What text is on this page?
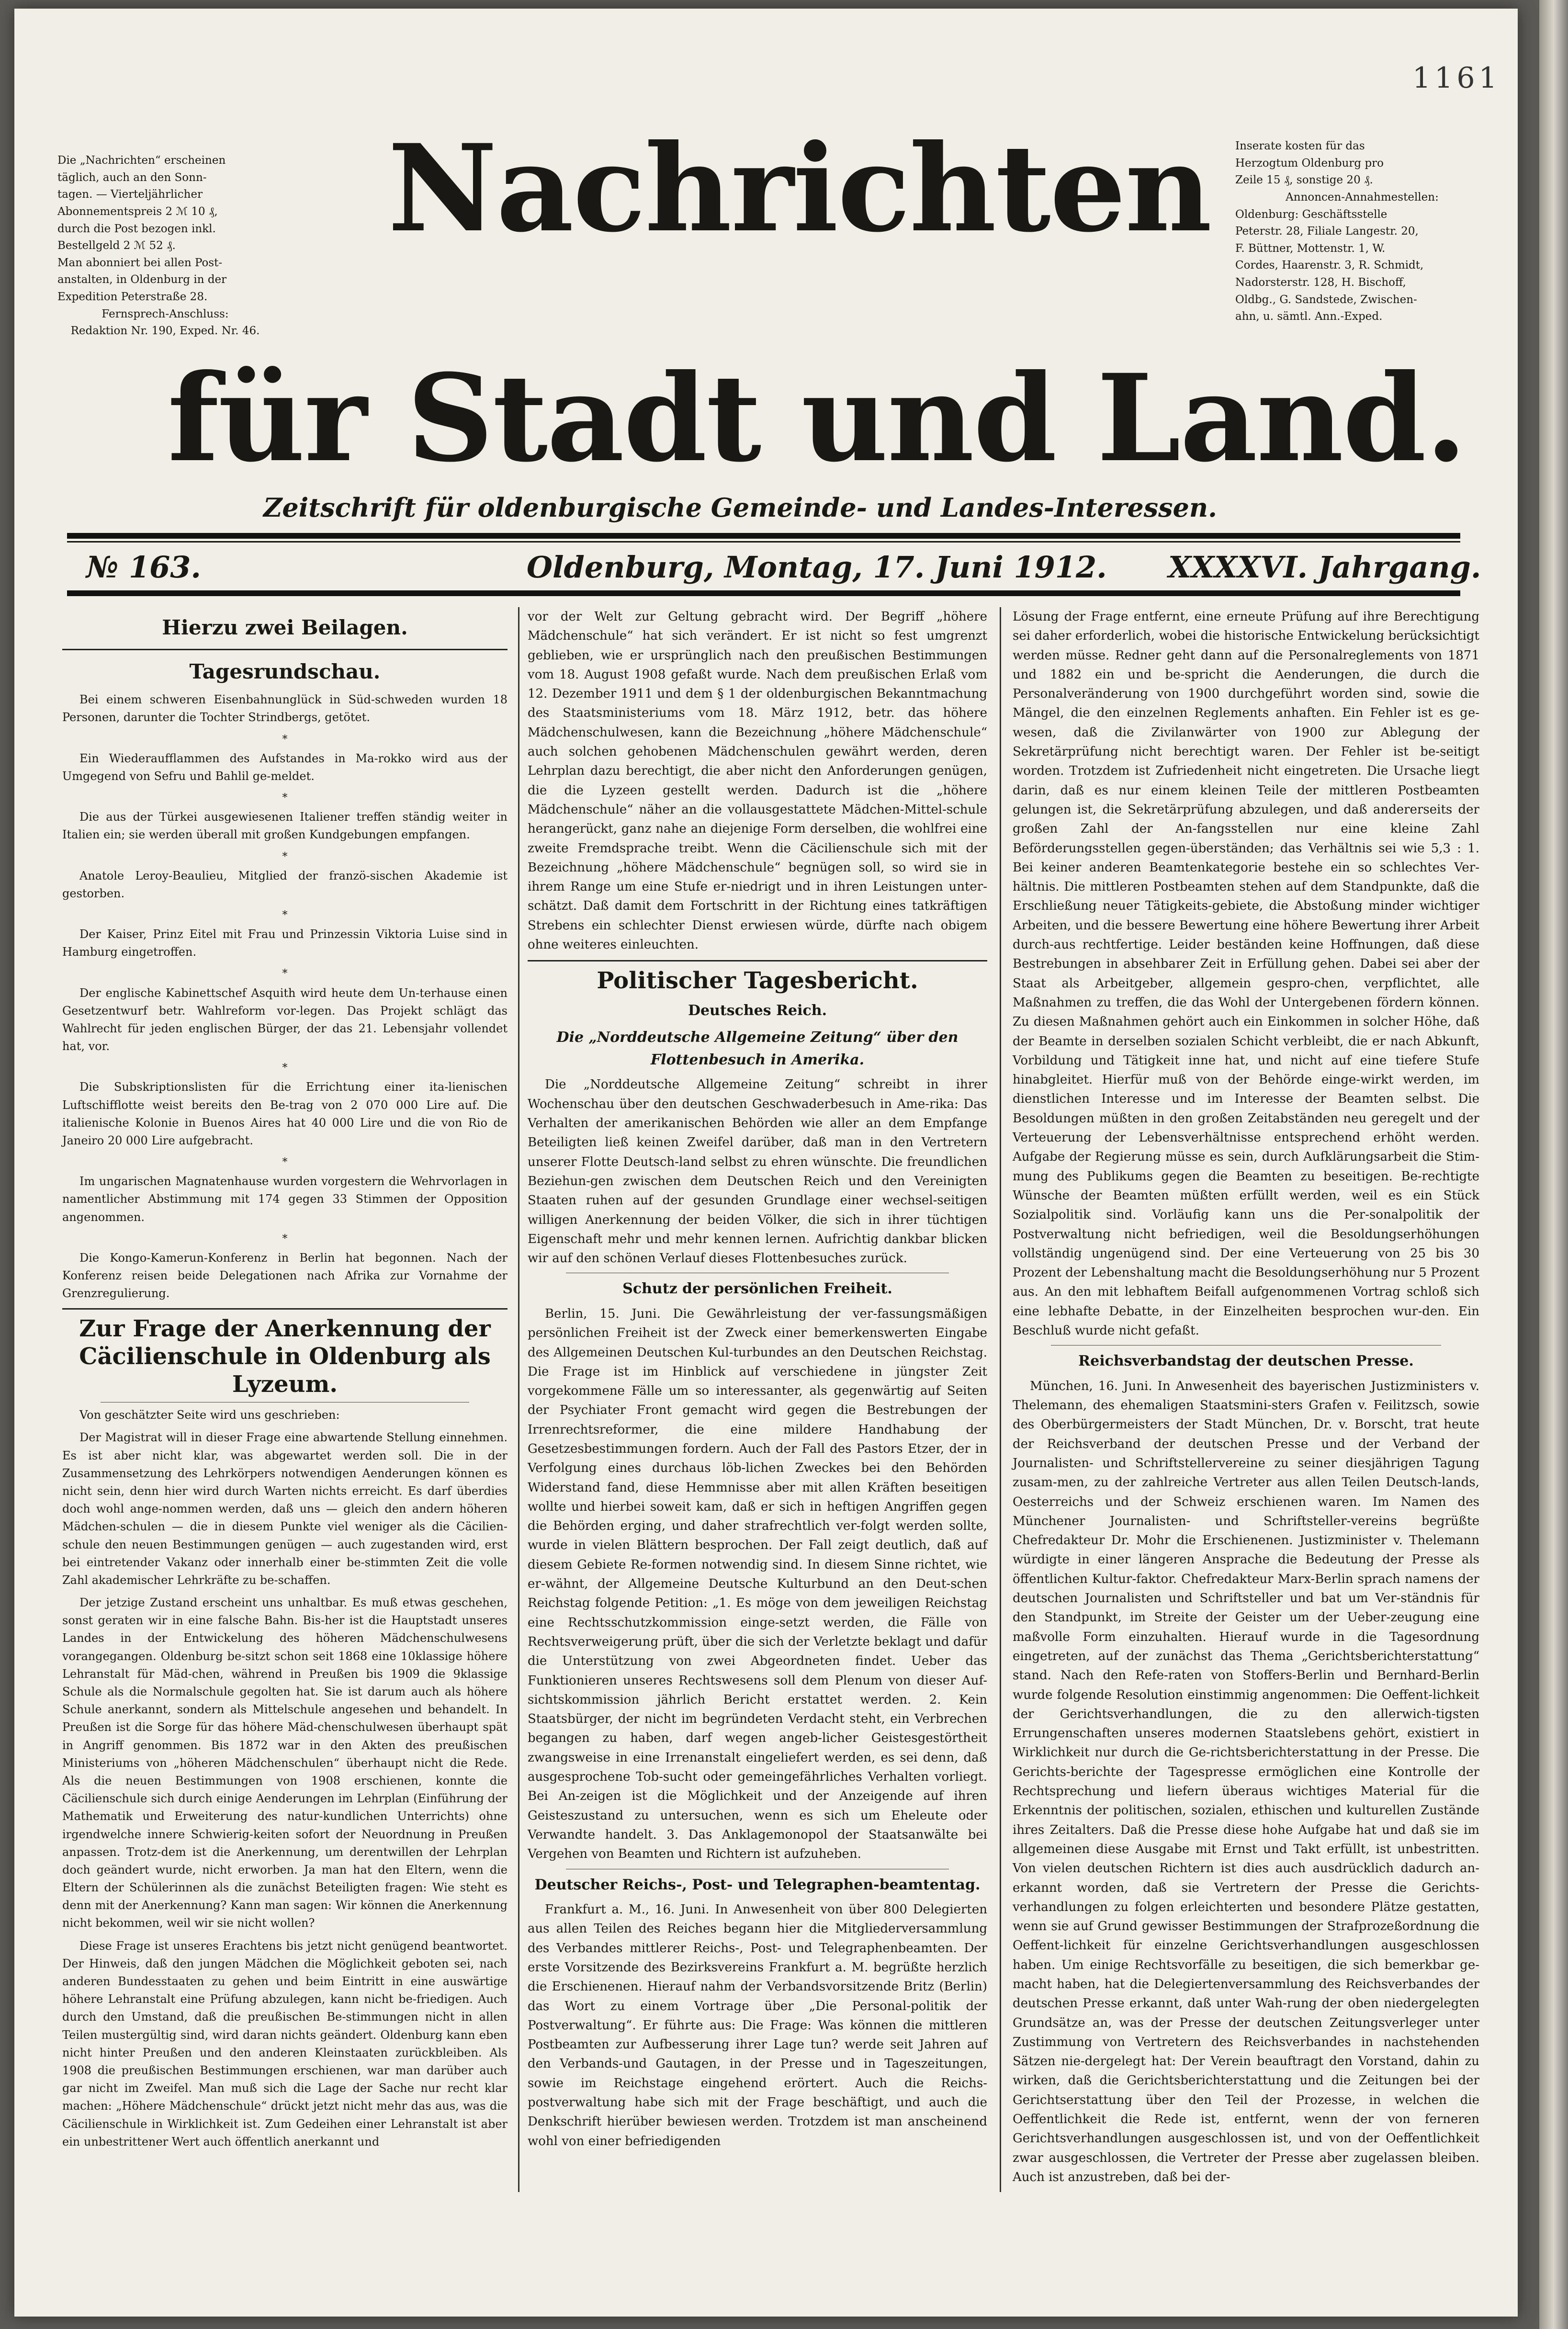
1161
Die „Nachrichten“ erscheinen
täglich, auch an den Sonn-
tagen. — Vierteljährlicher
Abonnementspreis 2 ℳ 10 ₰,
durch die Post bezogen inkl.
Bestellgeld 2 ℳ 52 ₰.
Man abonniert bei allen Post-
anstalten, in Oldenburg in der
Expedition Peterstraße 28.
Fernsprech-Anschluss:
Redaktion Nr. 190, Exped. Nr. 46.
Inserate kosten für das
Herzogtum Oldenburg pro
Zeile 15 ₰, sonstige 20 ₰.
Annoncen-Annahmestellen:
Oldenburg: Geschäftsstelle
Peterstr. 28, Filiale Langestr. 20,
F. Büttner, Mottenstr. 1, W.
Cordes, Haarenstr. 3, R. Schmidt,
Nadorsterstr. 128, H. Bischoff,
Oldbg., G. Sandstede, Zwischen-
ahn, u. sämtl. Ann.-Exped.
Nachrichten
für Stadt und Land.
Zeitschrift für oldenburgische Gemeinde- und Landes-Interessen.
№ 163.	Oldenburg, Montag, 17. Juni 1912. XXXXVI. Jahrgang.
Hierzu zwei Beilagen.
Tagesrundschau.

Bei einem schweren Eisenbahnunglück in Süd-schweden wurden 18 Personen, darunter die Tochter Strindbergs, getötet.

*

Ein Wiederaufflammen des Aufstandes in Ma-rokko wird aus der Umgegend von Sefru und Bahlil ge-meldet.

*

Die aus der Türkei ausgewiesenen Italiener treffen ständig weiter in Italien ein; sie werden überall mit großen Kundgebungen empfangen.

*

Anatole Leroy-Beaulieu, Mitglied der franzö-sischen Akademie ist gestorben.

*

Der Kaiser, Prinz Eitel mit Frau und Prinzessin Viktoria Luise sind in Hamburg eingetroffen.

*

Der englische Kabinettschef Asquith wird heute dem Un-terhause einen Gesetzentwurf betr. Wahlreform vor-legen. Das Projekt schlägt das Wahlrecht für jeden englischen Bürger, der das 21. Lebensjahr vollendet hat, vor.

*

Die Subskriptionslisten für die Errichtung einer ita-lienischen Luftschifflotte weist bereits den Be-trag von 2 070 000 Lire auf. Die italienische Kolonie in Buenos Aires hat 40 000 Lire und die von Rio de Janeiro 20 000 Lire aufgebracht.

*

Im ungarischen Magnatenhause wurden vorgestern die Wehrvorlagen in namentlicher Abstimmung mit 174 gegen 33 Stimmen der Opposition angenommen.

*

Die Kongo-Kamerun-Konferenz in Berlin hat begonnen. Nach der Konferenz reisen beide Delegationen nach Afrika zur Vornahme der Grenzregulierung.

Zur Frage der Anerkennung der Cäcilienschule in Oldenburg als Lyzeum.

Von geschätzter Seite wird uns geschrieben:

Der Magistrat will in dieser Frage eine abwartende Stellung einnehmen. Es ist aber nicht klar, was abgewartet werden soll. Die in der Zusammensetzung des Lehrkörpers notwendigen Aenderungen können es nicht sein, denn hier wird durch Warten nichts erreicht. Es darf überdies doch wohl ange-nommen werden, daß uns — gleich den andern höheren Mädchen-schulen — die in diesem Punkte viel weniger als die Cäcilien-schule den neuen Bestimmungen genügen — auch zugestanden wird, erst bei eintretender Vakanz oder innerhalb einer be-stimmten Zeit die volle Zahl akademischer Lehrkräfte zu be-schaffen.

Der jetzige Zustand erscheint uns unhaltbar. Es muß etwas geschehen, sonst geraten wir in eine falsche Bahn. Bis-her ist die Hauptstadt unseres Landes in der Entwickelung des höheren Mädchenschulwesens vorangegangen. Oldenburg be-sitzt schon seit 1868 eine 10klassige höhere Lehranstalt für Mäd-chen, während in Preußen bis 1909 die 9klassige Schule als die Normalschule gegolten hat. Sie ist darum auch als höhere Schule anerkannt, sondern als Mittelschule angesehen und behandelt. In Preußen ist die Sorge für das höhere Mäd-chenschulwesen überhaupt spät in Angriff genommen. Bis 1872 war in den Akten des preußischen Ministeriums von „höheren Mädchenschulen“ überhaupt nicht die Rede. Als die neuen Bestimmungen von 1908 erschienen, konnte die Cäcilienschule sich durch einige Aenderungen im Lehrplan (Einführung der Mathematik und Erweiterung des natur-kundlichen Unterrichts) ohne irgendwelche innere Schwierig-keiten sofort der Neuordnung in Preußen anpassen. Trotz-dem ist die Anerkennung, um derentwillen der Lehrplan doch geändert wurde, nicht erworben. Ja man hat den Eltern, wenn die Eltern der Schülerinnen als die zunächst Beteiligten fragen: Wie steht es denn mit der Anerkennung? Kann man sagen: Wir können die Anerkennung nicht bekommen, weil wir sie nicht wollen?

Diese Frage ist unseres Erachtens bis jetzt nicht genügend beantwortet. Der Hinweis, daß den jungen Mädchen die Möglichkeit geboten sei, nach anderen Bundesstaaten zu gehen und beim Eintritt in eine auswärtige höhere Lehranstalt eine Prüfung abzulegen, kann nicht be-friedigen. Auch durch den Umstand, daß die preußischen Be-stimmungen nicht in allen Teilen mustergültig sind, wird daran nichts geändert. Oldenburg kann eben nicht hinter Preußen und den anderen Kleinstaaten zurückbleiben. Als 1908 die preußischen Bestimmungen erschienen, war man darüber auch gar nicht im Zweifel. Man muß sich die Lage der Sache nur recht klar machen: „Höhere Mädchenschule“ drückt jetzt nicht mehr das aus, was die Cäcilienschule in Wirklichkeit ist. Zum Gedeihen einer Lehranstalt ist aber ein unbestrittener Wert auch öffentlich anerkannt und

vor der Welt zur Geltung gebracht wird. Der Begriff „höhere Mädchenschule“ hat sich verändert. Er ist nicht so fest umgrenzt geblieben, wie er ursprünglich nach den preußischen Bestimmungen vom 18. August 1908 gefaßt wurde. Nach dem preußischen Erlaß vom 12. Dezember 1911 und dem § 1 der oldenburgischen Bekanntmachung des Staatsministeriums vom 18. März 1912, betr. das höhere Mädchenschulwesen, kann die Bezeichnung „höhere Mädchenschule“ auch solchen gehobenen Mädchenschulen gewährt werden, deren Lehrplan dazu berechtigt, die aber nicht den Anforderungen genügen, die die Lyzeen gestellt werden. Dadurch ist die „höhere Mädchenschule“ näher an die vollausgestattete Mädchen-Mittel-schule herangerückt, ganz nahe an diejenige Form derselben, die wohlfrei eine zweite Fremdsprache treibt. Wenn die Cäcilienschule sich mit der Bezeichnung „höhere Mädchenschule“ begnügen soll, so wird sie in ihrem Range um eine Stufe er-niedrigt und in ihren Leistungen unter-schätzt. Daß damit dem Fortschritt in der Richtung eines tatkräftigen Strebens ein schlechter Dienst erwiesen würde, dürfte nach obigem ohne weiteres einleuchten.

Politischer Tagesbericht.
Deutsches Reich.
Die „Norddeutsche Allgemeine Zeitung“ über den Flottenbesuch in Amerika.

Die „Norddeutsche Allgemeine Zeitung“ schreibt in ihrer Wochenschau über den deutschen Geschwaderbesuch in Ame-rika: Das Verhalten der amerikanischen Behörden wie aller an dem Empfange Beteiligten ließ keinen Zweifel darüber, daß man in den Vertretern unserer Flotte Deutsch-land selbst zu ehren wünschte. Die freundlichen Beziehun-gen zwischen dem Deutschen Reich und den Vereinigten Staaten ruhen auf der gesunden Grundlage einer wechsel-seitigen willigen Anerkennung der beiden Völker, die sich in ihrer tüchtigen Eigenschaft mehr und mehr kennen lernen. Aufrichtig dankbar blicken wir auf den schönen Verlauf dieses Flottenbesuches zurück.

Schutz der persönlichen Freiheit.

Berlin, 15. Juni. Die Gewährleistung der ver-fassungsmäßigen persönlichen Freiheit ist der Zweck einer bemerkenswerten Eingabe des Allgemeinen Deutschen Kul-turbundes an den Deutschen Reichstag. Die Frage ist im Hinblick auf verschiedene in jüngster Zeit vorgekommene Fälle um so interessanter, als gegenwärtig auf Seiten der Psychiater Front gemacht wird gegen die Bestrebungen der Irrenrechtsreformer, die eine mildere Handhabung der Gesetzesbestimmungen fordern. Auch der Fall des Pastors Etzer, der in Verfolgung eines durchaus löb-lichen Zweckes bei den Behörden Widerstand fand, diese Hemmnisse aber mit allen Kräften beseitigen wollte und hierbei soweit kam, daß er sich in heftigen Angriffen gegen die Behörden erging, und daher strafrechtlich ver-folgt werden sollte, wurde in vielen Blättern besprochen. Der Fall zeigt deutlich, daß auf diesem Gebiete Re-formen notwendig sind. In diesem Sinne richtet, wie er-wähnt, der Allgemeine Deutsche Kulturbund an den Deut-schen Reichstag folgende Petition: „1. Es möge von dem jeweiligen Reichstag eine Rechtsschutzkommission einge-setzt werden, die Fälle von Rechtsverweigerung prüft, über die sich der Verletzte beklagt und dafür die Unterstützung von zwei Abgeordneten findet. Ueber das Funktionieren unseres Rechtswesens soll dem Plenum von dieser Auf-sichtskommission jährlich Bericht erstattet werden. 2. Kein Staatsbürger, der nicht im begründeten Verdacht steht, ein Verbrechen begangen zu haben, darf wegen angeb-licher Geistesgestörtheit zwangsweise in eine Irrenanstalt eingeliefert werden, es sei denn, daß ausgesprochene Tob-sucht oder gemeingefährliches Verhalten vorliegt. Bei An-zeigen ist die Möglichkeit und der Anzeigende auf ihren Geisteszustand zu untersuchen, wenn es sich um Eheleute oder Verwandte handelt. 3. Das Anklagemonopol der Staatsanwälte bei Vergehen von Beamten und Richtern ist aufzuheben.

Deutscher Reichs-, Post- und Telegraphen-beamtentag.

Frankfurt a. M., 16. Juni. In Anwesenheit von über 800 Delegierten aus allen Teilen des Reiches begann hier die Mitgliederversammlung des Verbandes mittlerer Reichs-, Post- und Telegraphenbeamten. Der erste Vorsitzende des Bezirksvereins Frankfurt a. M. begrüßte herzlich die Erschienenen. Hierauf nahm der Verbandsvorsitzende Britz (Berlin) das Wort zu einem Vortrage über „Die Personal-politik der Postverwaltung“. Er führte aus: Die Frage: Was können die mittleren Postbeamten zur Aufbesserung ihrer Lage tun? werde seit Jahren auf den Verbands-und Gautagen, in der Presse und in Tageszeitungen, sowie im Reichstage eingehend erörtert. Auch die Reichs-postverwaltung habe sich mit der Frage beschäftigt, und auch die Denkschrift hierüber bewiesen werden. Trotzdem ist man anscheinend wohl von einer befriedigenden

Lösung der Frage entfernt, eine erneute Prüfung auf ihre Berechtigung sei daher erforderlich, wobei die historische Entwickelung berücksichtigt werden müsse. Redner geht dann auf die Personalreglements von 1871 und 1882 ein und be-spricht die Aenderungen, die durch die Personalveränderung von 1900 durchgeführt worden sind, sowie die Mängel, die den einzelnen Reglements anhaften. Ein Fehler ist es ge-wesen, daß die Zivilanwärter von 1900 zur Ablegung der Sekretärprüfung nicht berechtigt waren. Der Fehler ist be-seitigt worden. Trotzdem ist Zufriedenheit nicht eingetreten. Die Ursache liegt darin, daß es nur einem kleinen Teile der mittleren Postbeamten gelungen ist, die Sekretärprüfung abzulegen, und daß andererseits der großen Zahl der An-fangsstellen nur eine kleine Zahl Beförderungsstellen gegen-überständen; das Verhältnis sei wie 5,3 : 1. Bei keiner anderen Beamtenkategorie bestehe ein so schlechtes Ver-hältnis. Die mittleren Postbeamten stehen auf dem Standpunkte, daß die Erschließung neuer Tätigkeits-gebiete, die Abstoßung minder wichtiger Arbeiten, und die bessere Bewertung eine höhere Bewertung ihrer Arbeit durch-aus rechtfertige. Leider beständen keine Hoffnungen, daß diese Bestrebungen in absehbarer Zeit in Erfüllung gehen. Dabei sei aber der Staat als Arbeitgeber, allgemein gespro-chen, verpflichtet, alle Maßnahmen zu treffen, die das Wohl der Untergebenen fördern können. Zu diesen Maßnahmen gehört auch ein Einkommen in solcher Höhe, daß der Beamte in derselben sozialen Schicht verbleibt, die er nach Abkunft, Vorbildung und Tätigkeit inne hat, und nicht auf eine tiefere Stufe hinabgleitet. Hierfür muß von der Behörde einge-wirkt werden, im dienstlichen Interesse und im Interesse der Beamten selbst. Die Besoldungen müßten in den großen Zeitabständen neu geregelt und der Verteuerung der Lebensverhältnisse entsprechend erhöht werden. Aufgabe der Regierung müsse es sein, durch Aufklärungsarbeit die Stim-mung des Publikums gegen die Beamten zu beseitigen. Be-rechtigte Wünsche der Beamten müßten erfüllt werden, weil es ein Stück Sozialpolitik sind. Vorläufig kann uns die Per-sonalpolitik der Postverwaltung nicht befriedigen, weil die Besoldungserhöhungen vollständig ungenügend sind. Der eine Verteuerung von 25 bis 30 Prozent der Lebenshaltung macht die Besoldungserhöhung nur 5 Prozent aus. An den mit lebhaftem Beifall aufgenommenen Vortrag schloß sich eine lebhafte Debatte, in der Einzelheiten besprochen wur-den. Ein Beschluß wurde nicht gefaßt.

Reichsverbandstag der deutschen Presse.

München, 16. Juni. In Anwesenheit des bayerischen Justizministers v. Thelemann, des ehemaligen Staatsmini-sters Grafen v. Feilitzsch, sowie des Oberbürgermeisters der Stadt München, Dr. v. Borscht, trat heute der Reichsverband der deutschen Presse und der Verband der Journalisten- und Schriftstellervereine zu seiner diesjährigen Tagung zusam-men, zu der zahlreiche Vertreter aus allen Teilen Deutsch-lands, Oesterreichs und der Schweiz erschienen waren. Im Namen des Münchener Journalisten- und Schriftsteller-vereins begrüßte Chefredakteur Dr. Mohr die Erschienenen. Justizminister v. Thelemann würdigte in einer längeren Ansprache die Bedeutung der Presse als öffentlichen Kultur-faktor. Chefredakteur Marx-Berlin sprach namens der deutschen Journalisten und Schriftsteller und bat um Ver-ständnis für den Standpunkt, im Streite der Geister um der Ueber-zeugung eine maßvolle Form einzuhalten. Hierauf wurde in die Tagesordnung eingetreten, auf der zunächst das Thema „Gerichtsberichterstattung“ stand. Nach den Refe-raten von Stoffers-Berlin und Bernhard-Berlin wurde folgende Resolution einstimmig angenommen: Die Oeffent-lichkeit der Gerichtsverhandlungen, die zu den allerwich-tigsten Errungenschaften unseres modernen Staatslebens gehört, existiert in Wirklichkeit nur durch die Ge-richtsberichterstattung in der Presse. Die Gerichts-berichte der Tagespresse ermöglichen eine Kontrolle der Rechtsprechung und liefern überaus wichtiges Material für die Erkenntnis der politischen, sozialen, ethischen und kulturellen Zustände ihres Zeitalters. Daß die Presse diese hohe Aufgabe hat und daß sie im allgemeinen diese Ausgabe mit Ernst und Takt erfüllt, ist unbestritten. Von vielen deutschen Richtern ist dies auch ausdrücklich dadurch an-erkannt worden, daß sie Vertretern der Presse die Gerichts-verhandlungen zu folgen erleichterten und besondere Plätze gestatten, wenn sie auf Grund gewisser Bestimmungen der Strafprozeßordnung die Oeffent-lichkeit für einzelne Gerichtsverhandlungen ausgeschlossen haben. Um einige Rechtsvorfälle zu beseitigen, die sich bemerkbar ge-macht haben, hat die Delegiertenversammlung des Reichsverbandes der deutschen Presse erkannt, daß unter Wah-rung der oben niedergelegten Grundsätze an, was der Presse der deutschen Zeitungsverleger unter Zustimmung von Vertretern des Reichsverbandes in nachstehenden Sätzen nie-dergelegt hat: Der Verein beauftragt den Vorstand, dahin zu wirken, daß die Gerichtsberichterstattung und die Zeitungen bei der Gerichtserstattung über den Teil der Prozesse, in welchen die Oeffentlichkeit die Rede ist, entfernt, wenn der von ferneren Gerichtsverhandlungen ausgeschlossen ist, und von der Oeffentlichkeit zwar ausgeschlossen, die Vertreter der Presse aber zugelassen bleiben. Auch ist anzustreben, daß bei der-
